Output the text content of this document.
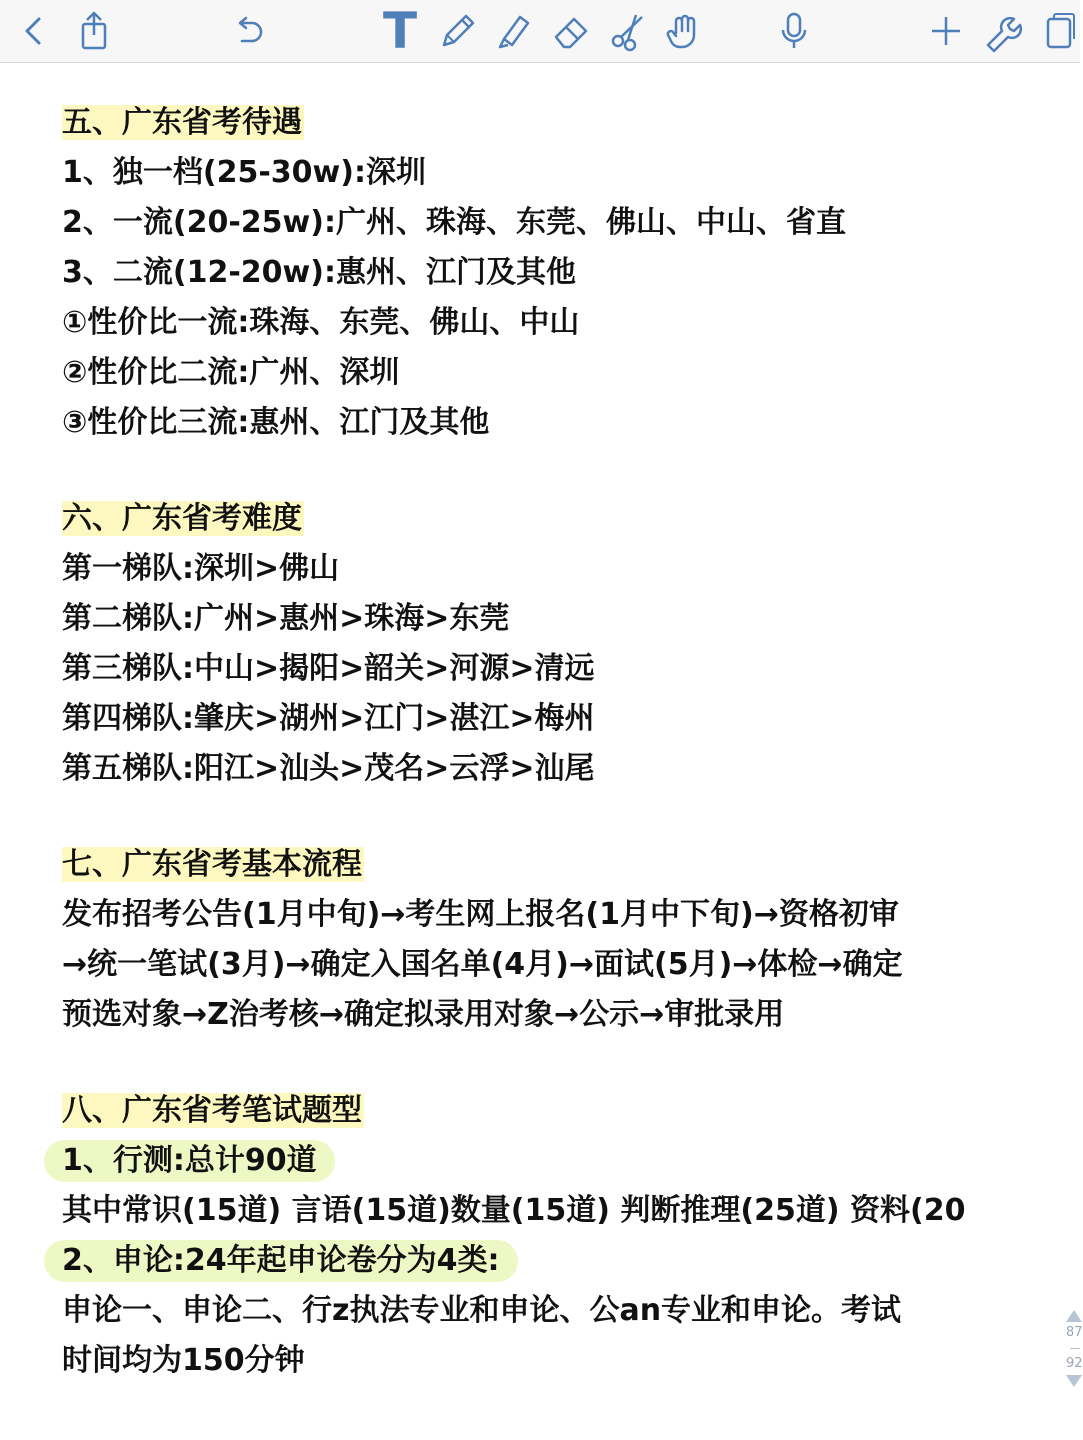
T
五、广东省考待遇
1、独一档(25-30w):深圳
2、一流(20-25w):广州、珠海、东莞、佛山、中山、省直
3、二流(12-20w):惠州、江门及其他
①性价比一流:珠海、东莞、佛山、中山
②性价比二流:广州、深圳
③性价比三流:惠州、江门及其他
六、广东省考难度
第一梯队:深圳>佛山
第二梯队:广州>惠州>珠海>东莞
第三梯队:中山>揭阳>韶关>河源>清远
第四梯队:肇庆>湖州>江门>湛江>梅州
第五梯队:阳江>汕头>茂名>云浮>汕尾
七、广东省考基本流程
发布招考公告(1月中旬)→考生网上报名(1月中下旬)→资格初审
→统一笔试(3月)→确定入国名单(4月)→面试(5月)→体检→确定
预选对象→Z治考核→确定拟录用对象→公示→审批录用
八、广东省考笔试题型
1、行测:总计90道
其中常识(15道) 言语(15道)数量(15道) 判断推理(25道) 资料(20
2、申论:24年起申论卷分为4类:
申论一、申论二、行z执法专业和申论、公an专业和申论。考试
时间均为150分钟
87
92
